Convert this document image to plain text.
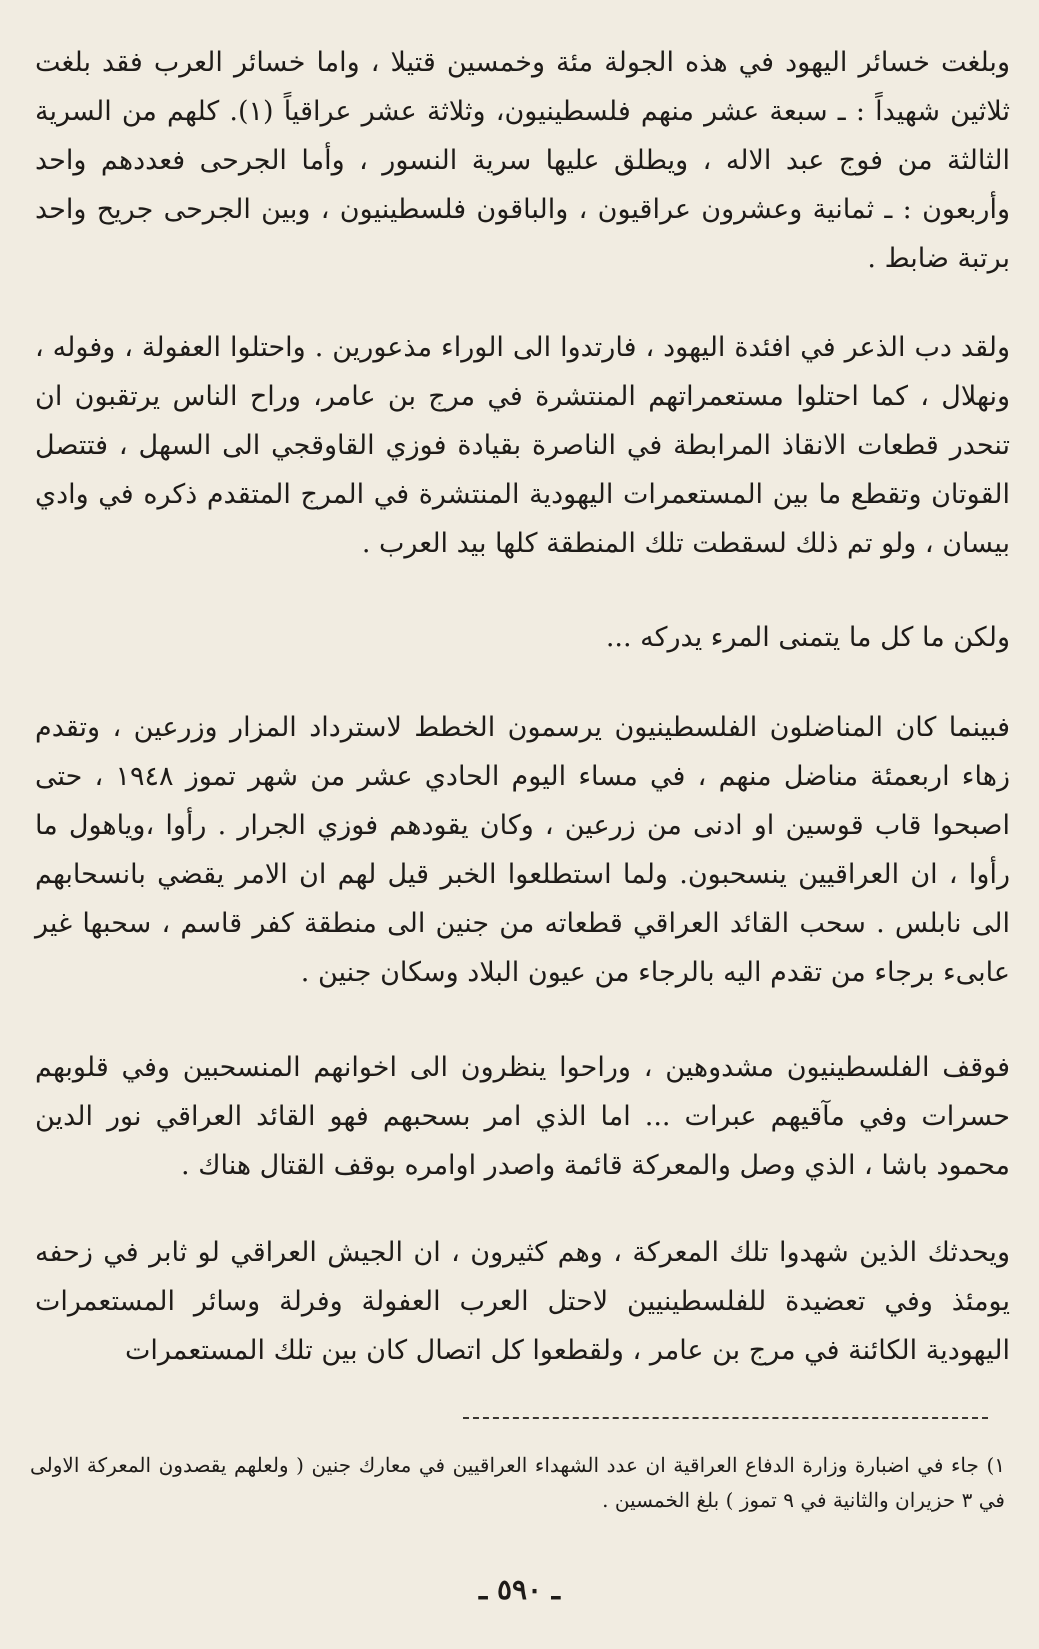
وبلغت خسائر اليهود في هذه الجولة مئة وخمسين قتيلا ، واما خسائر العرب فقد بلغت ثلاثين شهيداً : ـ سبعة عشر منهم فلسطينيون، وثلاثة عشر عراقياً (١). كلهم من السرية الثالثة من فوج عبد الاله ، ويطلق عليها سرية النسور ، وأما الجرحى فعددهم واحد وأربعون : ـ ثمانية وعشرون عراقيون ، والباقون فلسطينيون ، وبين الجرحى جريح واحد برتبة ضابط .

ولقد دب الذعر في افئدة اليهود ، فارتدوا الى الوراء مذعورين . واحتلوا العفولة ، وفوله ، ونهلال ، كما احتلوا مستعمراتهم المنتشرة في مرج بن عامر، وراح الناس يرتقبون ان تنحدر قطعات الانقاذ المرابطة في الناصرة بقيادة فوزي القاوقجي الى السهل ، فتتصل القوتان وتقطع ما بين المستعمرات اليهودية المنتشرة في المرج المتقدم ذكره في وادي بيسان ، ولو تم ذلك لسقطت تلك المنطقة كلها بيد العرب .

ولكن ما كل ما يتمنى المرء يدركه ...

فبينما كان المناضلون الفلسطينيون يرسمون الخطط لاسترداد المزار وزرعين ، وتقدم زهاء اربعمئة مناضل منهم ، في مساء اليوم الحادي عشر من شهر تموز ١٩٤٨ ، حتى اصبحوا قاب قوسين او ادنى من زرعين ، وكان يقودهم فوزي الجرار . رأوا ،وياهول ما رأوا ، ان العراقيين ينسحبون. ولما استطلعوا الخبر قيل لهم ان الامر يقضي بانسحابهم الى نابلس . سحب القائد العراقي قطعاته من جنين الى منطقة كفر قاسم ، سحبها غير عابىء برجاء من تقدم اليه بالرجاء من عيون البلاد وسكان جنين .

فوقف الفلسطينيون مشدوهين ، وراحوا ينظرون الى اخوانهم المنسحبين وفي قلوبهم حسرات وفي مآقيهم عبرات ... اما الذي امر بسحبهم فهو القائد العراقي نور الدين محمود باشا ، الذي وصل والمعركة قائمة واصدر اوامره بوقف القتال هناك .

ويحدثك الذين شهدوا تلك المعركة ، وهم كثيرون ، ان الجيش العراقي لو ثابر في زحفه يومئذ وفي تعضيدة للفلسطينيين لاحتل العرب العفولة وفرلة وسائر المستعمرات اليهودية الكائنة في مرج بن عامر ، ولقطعوا كل اتصال كان بين تلك المستعمرات

١) جاء في اضبارة وزارة الدفاع العراقية ان عدد الشهداء العراقيين في معارك جنين ( ولعلهم يقصدون المعركة الاولى في ٣ حزيران والثانية في ٩ تموز ) بلغ الخمسين .
ـ ٥٩٠ ـ
